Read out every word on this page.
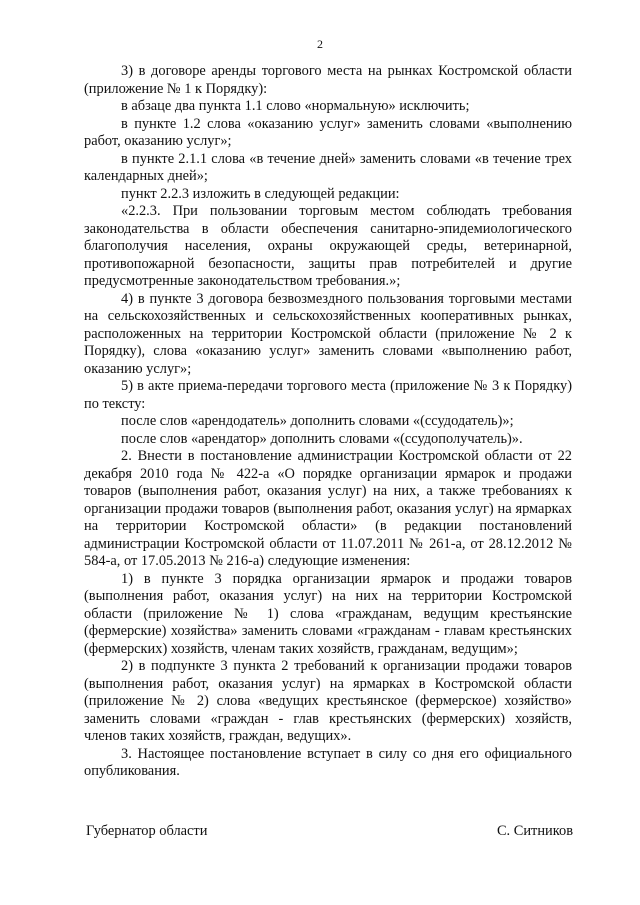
2

3) в договоре аренды торгового места на рынках Костромской области (приложение № 1 к Порядку):

в абзаце два пункта 1.1 слово «нормальную» исключить;

в пункте 1.2 слова «оказанию услуг» заменить словами «выполнению работ, оказанию услуг»;

в пункте 2.1.1 слова «в течение дней» заменить словами «в течение трех календарных дней»;

пункт 2.2.3 изложить в следующей редакции:

«2.2.3. При пользовании торговым местом соблюдать требования законодательства в области обеспечения санитарно-эпидемиологического благополучия населения, охраны окружающей среды, ветеринарной, противопожарной безопасности, защиты прав потребителей и другие предусмотренные законодательством требования.»;

4) в пункте 3 договора безвозмездного пользования торговыми местами на сельскохозяйственных и сельскохозяйственных кооперативных рынках, расположенных на территории Костромской области (приложение № 2 к Порядку), слова «оказанию услуг» заменить словами «выполнению работ, оказанию услуг»;

5) в акте приема-передачи торгового места (приложение № 3 к Порядку) по тексту:

после слов «арендодатель» дополнить словами «(ссудодатель)»;

после слов «арендатор» дополнить словами «(ссудополучатель)».

2. Внести в постановление администрации Костромской области от 22 декабря 2010 года № 422-а «О порядке организации ярмарок и продажи товаров (выполнения работ, оказания услуг) на них, а также требованиях к организации продажи товаров (выполнения работ, оказания услуг) на ярмарках на территории Костромской области» (в редакции постановлений администрации Костромской области от 11.07.2011 № 261-а, от 28.12.2012 № 584-а, от 17.05.2013 № 216-а) следующие изменения:

1) в пункте 3 порядка организации ярмарок и продажи товаров (выполнения работ, оказания услуг) на них на территории Костромской области (приложение № 1) слова «гражданам, ведущим крестьянские (фермерские) хозяйства» заменить словами «гражданам - главам крестьянских (фермерских) хозяйств, членам таких хозяйств, гражданам, ведущим»;

2) в подпункте 3 пункта 2 требований к организации продажи товаров (выполнения работ, оказания услуг) на ярмарках в Костромской области (приложение № 2) слова «ведущих крестьянское (фермерское) хозяйство» заменить словами «граждан - глав крестьянских (фермерских) хозяйств, членов таких хозяйств, граждан, ведущих».

3. Настоящее постановление вступает в силу со дня его официального опубликования.

Губернатор области	С. Ситников
